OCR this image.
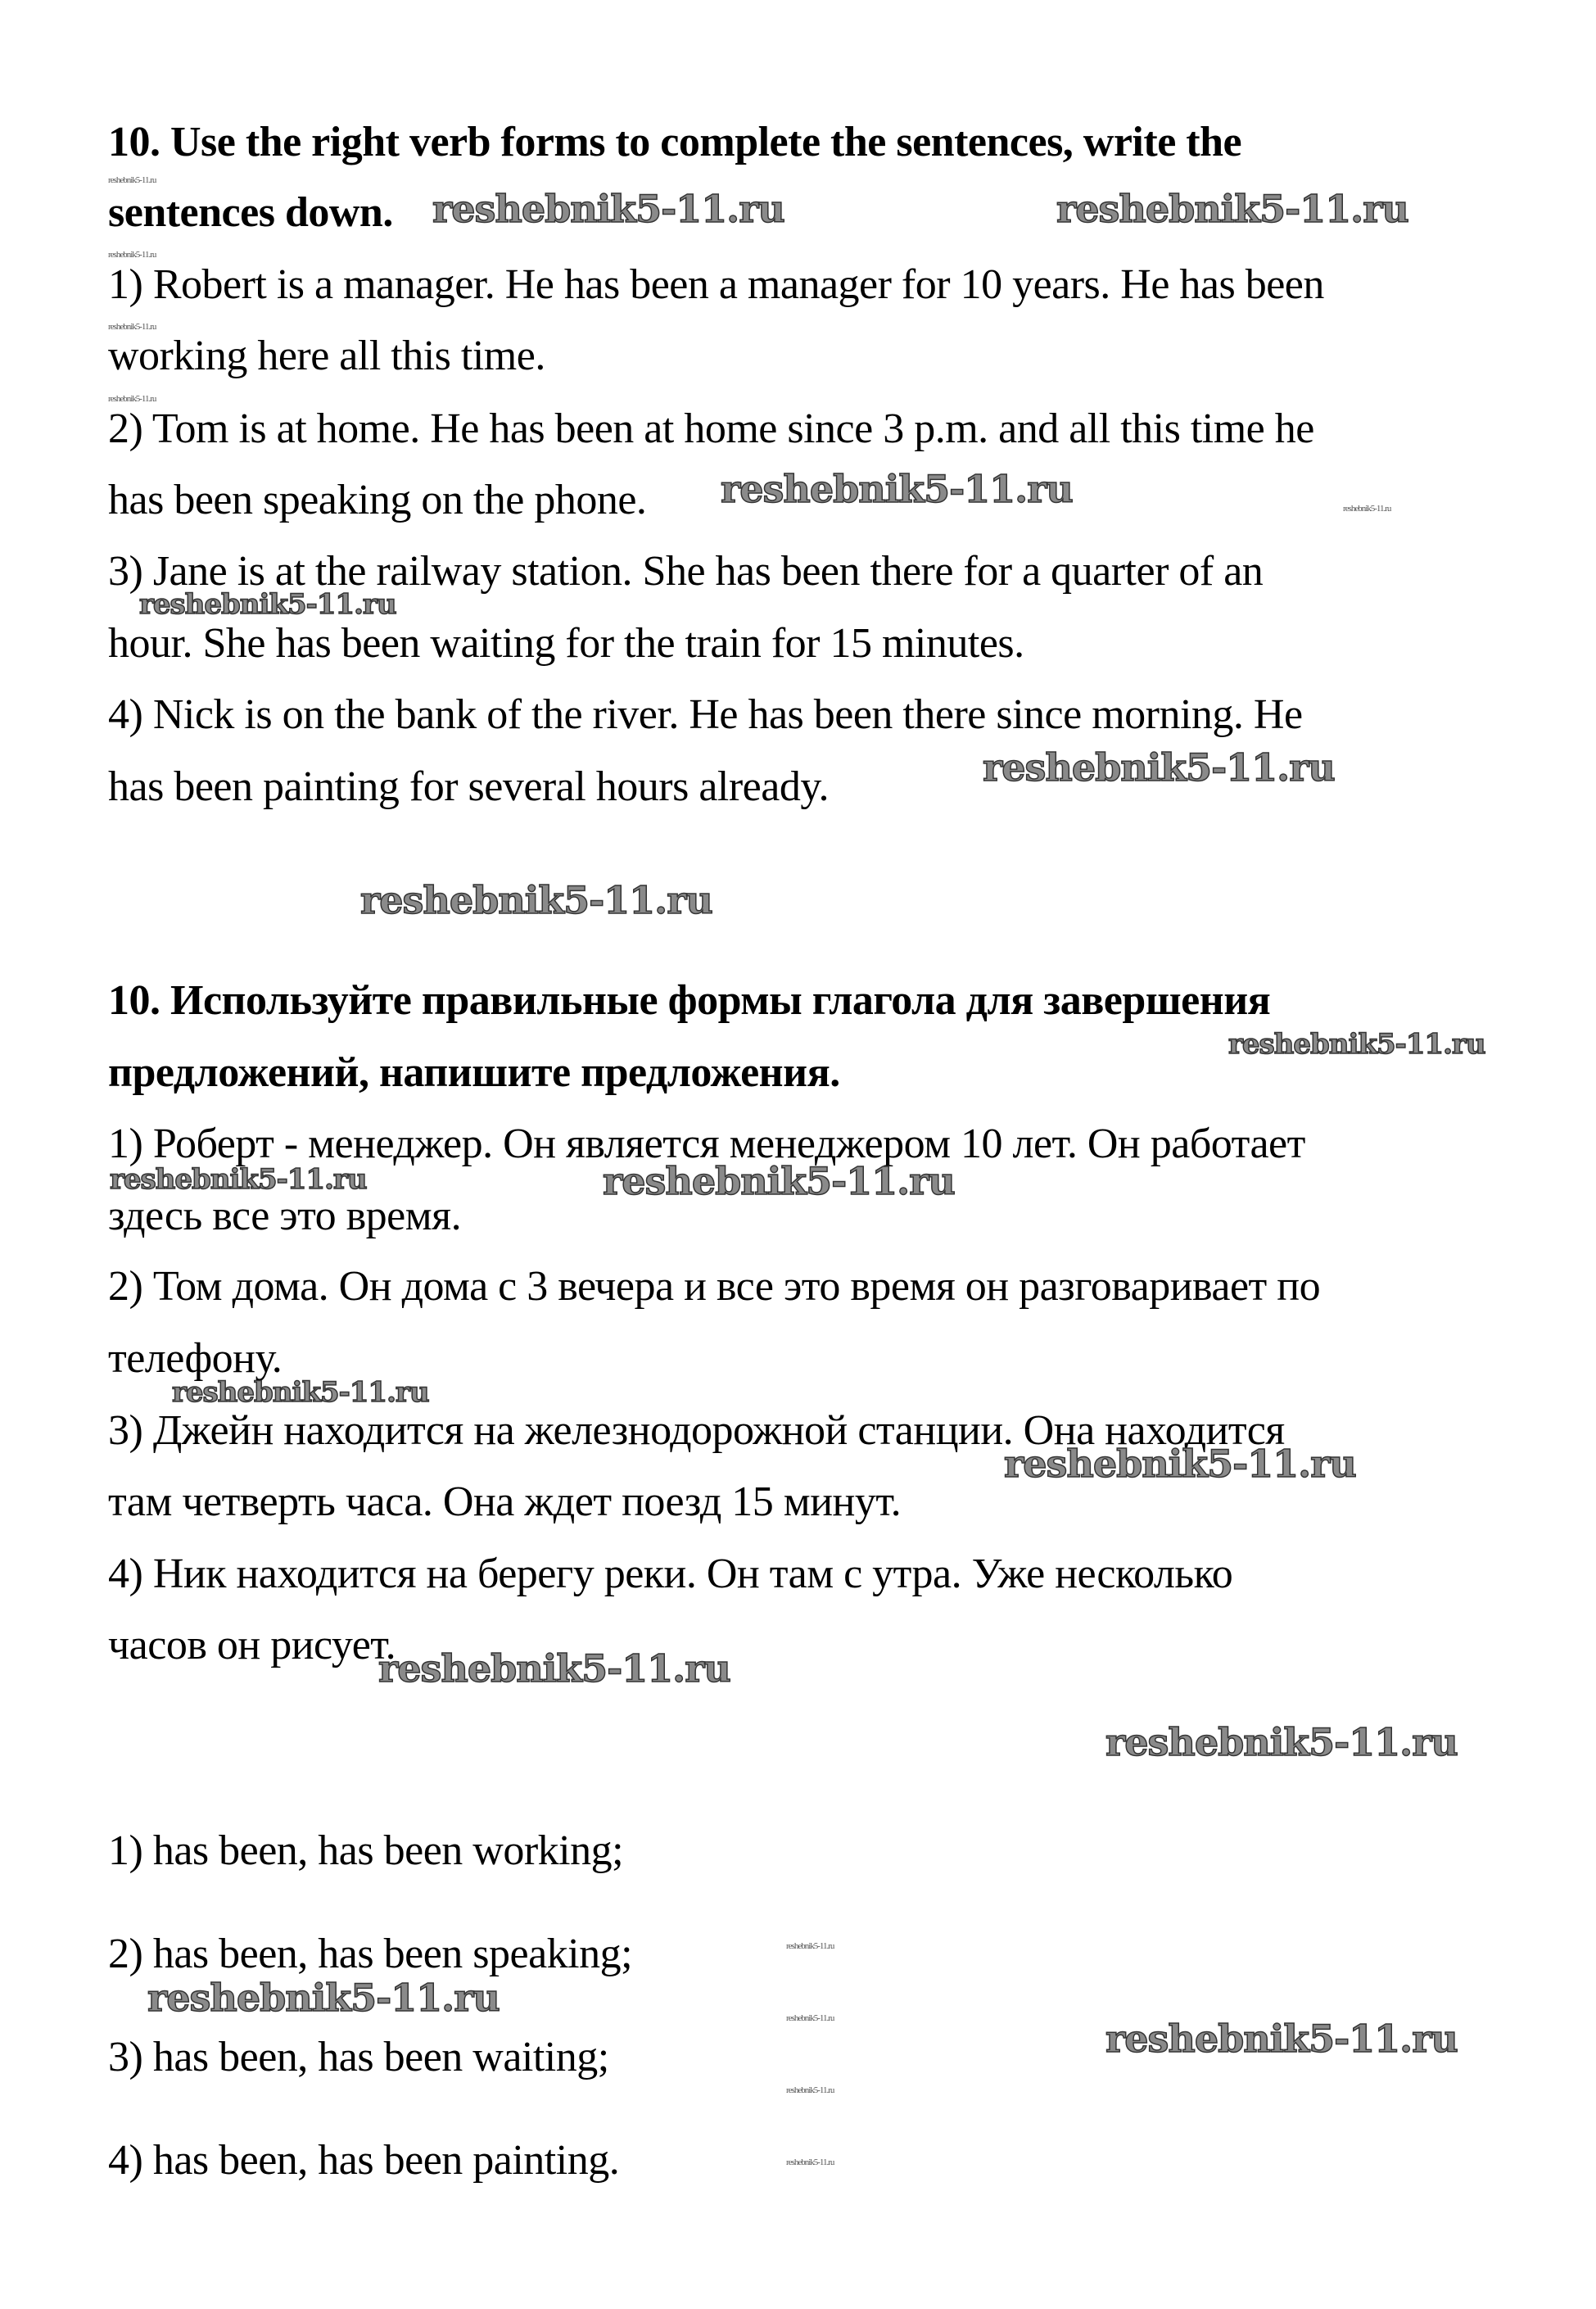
10. Use the right verb forms to complete the sentences, write the
sentences down.
1) Robert is a manager. He has been a manager for 10 years. He has been
working here all this time.
2) Tom is at home. He has been at home since 3 p.m. and all this time he
has been speaking on the phone.
3) Jane is at the railway station. She has been there for a quarter of an
hour. She has been waiting for the train for 15 minutes.
4) Nick is on the bank of the river. He has been there since morning. He
has been painting for several hours already.
10. Используйте правильные формы глагола для завершения
предложений, напишите предложения.
1) Роберт - менеджер. Он является менеджером 10 лет. Он работает
здесь все это время.
2) Том дома. Он дома с 3 вечера и все это время он разговаривает по
телефону.
3) Джейн находится на железнодорожной станции. Она находится
там четверть часа. Она ждет поезд 15 минут.
4) Ник находится на берегу реки. Он там с утра. Уже несколько
часов он рисует.
1) has been, has been working;
2) has been, has been speaking;
3) has been, has been waiting;
4) has been, has been painting.
reshebnik5-11.ru	reshebnik5-11.ru
reshebnik5-11.ru
reshebnik5-11.ru
reshebnik5-11.ru
reshebnik5-11.ru
reshebnik5-11.ru
reshebnik5-11.ru	reshebnik5-11.ru
reshebnik5-11.ru
reshebnik5-11.ru
reshebnik5-11.ru
reshebnik5-11.ru
reshebnik5-11.ru
reshebnik5-11.ru
reshebnik5-11.ru
reshebnik5-11.ru
reshebnik5-11.ru
reshebnik5-11.ru
reshebnik5-11.ru
reshebnik5-11.ru
reshebnik5-11.ru
reshebnik5-11.ru
reshebnik5-11.ru
